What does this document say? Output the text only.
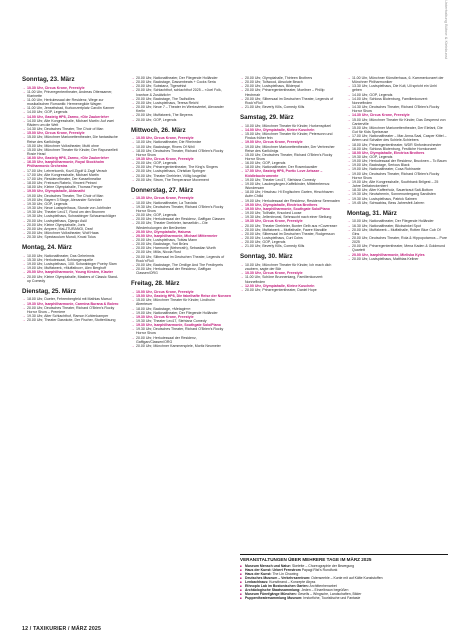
Unterhaltung Bühne & Kleinkunst
Sonntag, 23. März
→ 10.30 Uhr, Circus Krone, Freestyle
→ 11.00 Uhr, Prinzregententheater, Andreas Ottensamer, Klarinette
→ 11.00 Uhr, Herkulessaal der Residenz, Wege zur musikalischen Romantik: Hermenegilde Wagen
→ 11.00 Uhr, Jenseitsbad, Kurkonzertplatz Carolin Kanner
→ 14.00 Uhr, GOP, Legends
→ 14.00 Uhr, Gasteig HP8, Zarmo, »Die Zauberlehr«
→ 14.00 Uhr, Alte Kongresshalle, Michael Martin: Auf zwei Rädern um die Welt
→ 14.30 Uhr, Deutsches Theater, The Choir of Man
→ 15.00 Uhr, Circus Krone, Freestyle
→ 15.00 Uhr, Münchner Marionettentheater, Die fantastische Reise des Karlkönigs
→ 15.00 Uhr, Münchner Volkstheater, Mutti ohne
→ 15.00 Uhr, Münchner Theater für Kinder, Der Rapunzelleit Rosie Head
→ 16.00 Uhr, Gasteig HP8, Zarmo, »Die Zauberlehr«
→ 16.30 Uhr, Isarphilharmonie, Royal Stockholm Philharmonic Orchestra
→ 17.00 Uhr, Lehrerkomik, Kozil Zigolf & Zagil Verach
→ 17.00 Uhr, Alte Kongresshalle, Michael Martin
→ 17.00 Uhr, Residenztheater, Der Kasselinealtar
→ 18.00 Uhr, Freiraum Rabelo, Vincent Peirani
→ 18.00 Uhr, Kleine Olympiahalle, Thomas Fenger
→ 19.00 Uhr, Olympiahalle, Aldanathi
→ 19.00 Uhr, Deutsches Theater, The Choir of Man
→ 19.00 Uhr, Bayern 3 Stage, Alexander Schröder
→ 19.30 Uhr, GOP, Legends
→ 19.30 Uhr, Neue Lustspielhaus, Stunde von Jobfinder
→ 19.30 Uhr, Theater Leo17, Rund um den Brunnen
→ 19.30 Uhr, Lustspielhaus, Schwabinger Schaumschläger
→ 20.00 Uhr, Lustspielhaus, Django Asül
→ 20.00 Uhr, Kleine Olympiahalle, Joris
→ 20.00 Uhr, Ampere, MaLJTURANGI, Deaf
→ 20.00 Uhr, Münchner Volkstheater, Wolf Haas
→ 20.30 Uhr, Spectaculum Mundi, Knust Tolus
Montag, 24. März
→ 10.00 Uhr, Nationaltheater, Das Geheimnis
→ 15.30 Uhr, Herkulessaal, Schlangenquelle
→ 19.00 Uhr, Lustspielhaus, 100. Schwabinger Poetry Slam
→ 19.00 Uhr, Muffatwerk, »Muffatbox«, Alex Berghoff
→ 20.00 Uhr, Isarphilharmonie, Young Kirsten, Klavier
→ 20.00 Uhr, Kleine Olympiahalle, Masters of Classic Stand-up Comedy
Dienstag, 25. März
→ 18.00 Uhr, Dueter, Fehrenbergfeld mit Mathias Marsol
→ 19.30 Uhr, Isarphilharmonie, Carmina Burana & Bolero
→ 20.00 Uhr, Deutsches Theater, Richard O'Brien's Rocky Horror Show – Premiere
→ 19.30 Uhr, Alter Schlachthof, Ramon Kuhlenkamper
→ 20.00 Uhr, Theater Dasnkote, Der Fischer, Stotterlösung
→ 20.00 Uhr, Nationaltheater, Der Fliegende Holländer
→ 20.00 Uhr, Backstage, Dassenbeats + Cocks Seria
→ 20.00 Uhr, Substanz, Tigerwhist
→ 20.00 Uhr, Schlachthof, schlachthof 2025 – »Joel Folk, Ivanhoe & Zusätzlich«
→ 20.00 Uhr, Backstage, The Tadhollies
→ 20.00 Uhr, Lustspielhaus, Teresa Reichl
→ 20.00 Uhr, Neue 7 – Theater im Werksviertel, Alexander Kerlin
→ 20.00 Uhr, Muffatwerk, The Beyerns
→ 20.00 Uhr, GOP, Legends
Mittwoch, 26. März
→ 10.00 Uhr, Circus Krone, Freestyle
→ 10.00 Uhr, Nationaltheater, Die Rheinnixe
→ 10.00 Uhr, Backstage, Rivers Of Nihil
→ 18.00 Uhr, Deutsches Theater, Richard O'Brien's Rocky Horror Show
→ 19.30 Uhr, Circus Krone, Freestyle
→ 20.00 Uhr, GOP, Legends
→ 20.00 Uhr, Prinzregententheater, The King's Singers
→ 20.00 Uhr, Lustspielhaus, Christian Springer
→ 20.00 Uhr, Theater Drehleier, Völlig losgelöst
→ 20.00 Uhr, Strom, The Temperance Movement
Donnerstag, 27. März
→ 10.30 Uhr, Circus Krone, Freestyle
→ 10.00 Uhr, Nationaltheater, La Traviata
→ 19.30 Uhr, Deutsches Theater, Richard O'Brien's Rocky Horror Show
→ 20.00 Uhr, GOP, Legends
→ 20.00 Uhr, Herkulessaal der Residenz, Gaffigan Classen
→ 20.00 Uhr, Theater Drehleier, Ismaelkiin – Die Wiederholungen der Berühmten
→ 20.00 Uhr, Olympiahalle, Haiuma
→ 20.00 Uhr, Isarphilharmonie, Michael Mittermeier
→ 20.00 Uhr, Lustspielhaus, Tobias Mann
→ 20.00 Uhr, Backstage, Yuri Brüns
→ 20.00 Uhr, Harmonie (Nehmrath), Sebastian Wurth
→ 20.00 Uhr, Milla, Nicola Rost
→ 20.00 Uhr, Silbersaal im Deutschen Theater, Legends of Rock'n'Roll
→ 20.00 Uhr, Backstage, The Omilige And The Fredbyrets
→ 20.00 Uhr, Herkulessaal der Residenz, Gaffigan Classen/ORG
Freitag, 28. März
→ 10.00 Uhr, Circus Krone, Freestyle
→ 15.00 Uhr, Gasteig HP8, Die fabelhafte Reise der Nonnen
→ 15.00 Uhr, Münchner Theater für Kinder, Lindholm Abenteuer
→ 18.00 Uhr, Backstage, »Metagirm«
→ 19.00 Uhr, Nationaltheater, Der Fliegende Holländer
→ 19.30 Uhr, Circus Krone, Freestyle
→ 19.30 Uhr, Theater Leo17, Stehtanz Comedy
→ 19.30 Uhr, Isarphilharmonie, Southgate Solo/Piano
→ 19.30 Uhr, Deutsches Theater, Richard O'Brien's Rocky Horror Show
→ 20.00 Uhr, Herkulessaal der Residenz, Gaffigan/Classen/ORG
→ 20.00 Uhr, Münchner Kammerspiele, Moritz Neumeier
→ 20.00 Uhr, Olympiahalle, Thirteen Brothers
→ 20.00 Uhr, Tollwood, Absolute Beach
→ 20.00 Uhr, Lustspielhaus, Bilderpal
→ 20.00 Uhr, Prinzregententheater, Moeltner – Phillip Hechmair
→ 20.00 Uhr, Silbersaal im Deutschen Theater, Legends of Rock'n'Roll
→ 21.00 Uhr, Beverly Kills, Comedy Kills
Samstag, 29. März
→ 10.00 Uhr, Münchner Theater für Kinder, Hurkenspitzel
→ 14.00 Uhr, Olympiahalle, Kleine Kuscheln
→ 15.00 Uhr, Münchner Theater für Kinder, Petersonn und Findus früher fein
→ 19.00 Uhr, Circus Krone, Freestyle
→ 19.00 Uhr, Münchner Marionettentheater, Der Verbrecher Reise des Karlkönigs
→ 15.00 Uhr, Deutsches Theater, Richard O'Brien's Rocky Horror Show
→ 16.00 Uhr, GOP, Legends
→ 18.00 Uhr, Nationaltheater, Der Rosenkavalier
→ 17.00 Uhr, Gasteig HP8, Poetic Love Artsaxe – Kiddlebuchrumente
→ 19.00 Uhr, Theater Leo17, Stehtanz Comedy
→ 19.00 Uhr, Laudergängen-Kaffelkinder, Mittelenternus: Wundersam
→ 18.00 Uhr, Hirschau: Hi Englischen Garten, Hirschhaven Aufm Chiild
→ 19.00 Uhr, Herkulessaal der Residenz, Residenz Serenaden
→ 19.00 Uhr, Olympiahalle, Electrica Brothers
→ 19.00 Uhr, Isarphilharmonie, Southgate Solo/Piano
→ 19.00 Uhr, Tollhalle, Knucked Loose
→ 19.30 Uhr, Jellenbrunsl, Sehnsucht nach einer Stellung
→ 19.30 Uhr, Circus Krone, Freestyle
→ 20.00 Uhr, Theater Drehleier, Bunter Gelb aus »Covereas«
→ 20.00 Uhr, Muffatwerk – Muffathalle, Fawre Mandiile
→ 20.00 Uhr, Silbersaal im Deutschen Theater, Rodgersson
→ 20.00 Uhr, Lustspielhaus, Curt Coins
→ 20.00 Uhr, GOP, Legends
→ 21.00 Uhr, Beverly Kills, Comedy Kills
Sonntag, 30. März
→ 10.00 Uhr, Münchner Theater für Kinder, Ich mach dich zaubern, sagte der Bär
→ 10.30 Uhr, Circus Krone, Freestyle
→ 11.00 Uhr, Schöne Brunnenlang, Familienkonzert: Nonnefinden
→ 12.00 Uhr, Olympiahalle, Kleine Kuscheln
→ 20.00 Uhr, Prinzregententheater, Daniel Hope
→ 11.00 Uhr, Münchner Künstlerhaus, 6. Kammerkonzert der Münchner Philharmoniker
→ 13.30 Uhr, Lustspielhaus, Die Kult, Uli spricht ein Unhi geben
→ 14.00 Uhr, GOP, Legends
→ 14.00 Uhr, Schloss Blutenburg, Familienkonzert: Nonnefinden
→ 14.30 Uhr, Deutsches Theater, Richard O'Brien's Rocky Horror Show
→ 14.30 Uhr, Circus Krone, Freestyle
→ 15.00 Uhr, Münchner Theater für Kinder, Das Gespenst von Canterville
→ 15.00 Uhr, Münchner Marionettentheater, Der Elefant, Die Gut für Kids Speiseuse
→ 17.00 Uhr, Nationaltheater – Mar-Anna-Saal, Casper Kittel – Artem und Schalter des Schiele-Schiebers
→ 18.00 Uhr, Prinzregententheater, WDR Sinfonieorchester
→ 16.00 Uhr, Schloss Blutenburg, Festliche Hornkonzert
→ 18.00 Uhr, Olympiahalle, Electrica Brothers
→ 19.30 Uhr, GOP, Legends
→ 19.00 Uhr, Herkulessaal der Residenz, Brucknen – To Baum
→ 19.00 Uhr, Backstage, Serious Black
→ 19.00 Uhr, Nationaltheater, Cosa Rubinante
→ 19.00 Uhr, Deutsches Theater, Richard O'Brien's Rocky Horror Show
→ 19.00 Uhr, Alte Kongresshalle, Southbank Brilgest – 25 Jahre Deltabeckenbert
→ 18.30 Uhr, Alter Kaffeeholz, Sauerkraut Salt-Bottom
→ 19.30 Uhr, Neuiwhemin, Sonnenuntergang Sandisten
→ 19.30 Uhr, Lustspielhaus, Patrick Salmen
→ 19.45 Uhr, Schwabiss, Bess Jahresfeit Jahren
Montag, 31. März
→ 10.00 Uhr, Nationaltheater, Der Fliegende Holländer
→ 16.30 Uhr, Nationaltheater, Blickwinkel Spot
→ 20.00 Uhr, Muffatwerk – Muffathalle, Rotten Blue Cub Of Gins
→ 20.00 Uhr, Deutsches Theater, Rola & Hippopotamos – Pure 2025
→ 20.00 Uhr, Prinzregententheater, Mena Kaden & Goldmund Quartett
→ 20.00 Uhr, Isarphilharmonie, Mieliska Kyles
→ 20.00 Uhr, Lustspielhaus, Matthias Kellner
VERANSTALTUNGEN ÜBER MEHRERE TAGE IM MÄRZ 2025
■ Museum Mensch und Natur: Skelette – Choreographie der Bewegung
■ Haus der Kunst: Urbert Fernstrom Papagi Rist's Rundfunk
■ Haus der Kunst: The Lin Chowing
■ Deutsches Museum – Verkehrszentrum: Odenseeble – Kunte mit auf Kälte Kunststoffen
■ Lenbachhaus: Kunstbrand – Konzepte Abyss
■ Ethnoplo Lab im Bostonischen Garten: Archittenhenarbet
■ Archäologische Staatssammlung: Jeden – Einzelbraun begrüßen
■ Museum Fünnfgänge München: Gesells – Wingsche, Landschaften, Bilder
■ Puppentheatersammlung Museum: Irrstorfiche, Touristische und Fantasie
12 / TAXIKURIER / MÄRZ 2025
